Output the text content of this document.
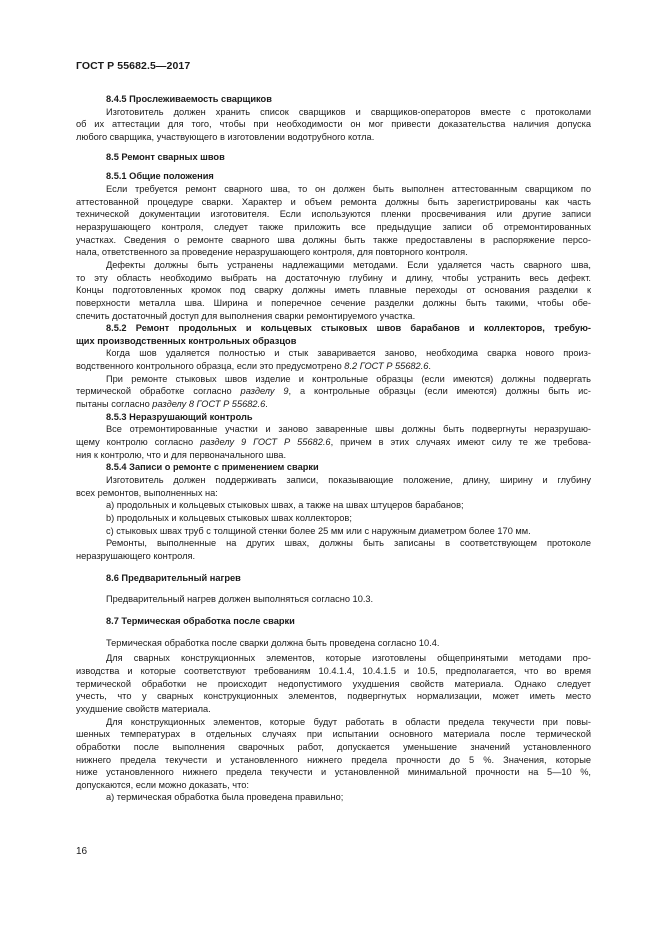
ГОСТ Р 55682.5—2017
8.4.5 Прослеживаемость сварщиков
Изготовитель должен хранить список сварщиков и сварщиков-операторов вместе с протоколами
об их аттестации для того, чтобы при необходимости он мог привести доказательства наличия допуска
любого сварщика, участвующего в изготовлении водотрубного котла.
8.5 Ремонт сварных швов
8.5.1 Общие положения
Если требуется ремонт сварного шва, то он должен быть выполнен аттестованным сварщиком по
аттестованной процедуре сварки. Характер и объем ремонта должны быть зарегистрированы как часть
технической документации изготовителя. Если используются пленки просвечивания или другие записи
неразрушающего контроля, следует также приложить все предыдущие записи об отремонтированных
участках. Сведения о ремонте сварного шва должны быть также предоставлены в распоряжение персо-
нала, ответственного за проведение неразрушающего контроля, для повторного контроля.
Дефекты должны быть устранены надлежащими методами. Если удаляется часть сварного шва,
то эту область необходимо выбрать на достаточную глубину и длину, чтобы устранить весь дефект.
Концы подготовленных кромок под сварку должны иметь плавные переходы от основания разделки к
поверхности металла шва. Ширина и поперечное сечение разделки должны быть такими, чтобы обе-
спечить достаточный доступ для выполнения сварки ремонтируемого участка.
8.5.2 Ремонт продольных и кольцевых стыковых швов барабанов и коллекторов, требую-
щих производственных контрольных образцов
Когда шов удаляется полностью и стык заваривается заново, необходима сварка нового произ-
водственного контрольного образца, если это предусмотрено 8.2 ГОСТ Р 55682.6.
При ремонте стыковых швов изделие и контрольные образцы (если имеются) должны подвергать
термической обработке согласно разделу 9, а контрольные образцы (если имеются) должны быть ис-
пытаны согласно разделу 8 ГОСТ Р 55682.6.
8.5.3 Неразрушающий контроль
Все отремонтированные участки и заново заваренные швы должны быть подвергнуты неразрушаю-
щему контролю согласно разделу 9 ГОСТ Р 55682.6, причем в этих случаях имеют силу те же требова-
ния к контролю, что и для первоначального шва.
8.5.4 Записи о ремонте с применением сварки
Изготовитель должен поддерживать записи, показывающие положение, длину, ширину и глубину
всех ремонтов, выполненных на:
a) продольных и кольцевых стыковых швах, а также на швах штуцеров барабанов;
b) продольных и кольцевых стыковых швах коллекторов;
c) стыковых швах труб с толщиной стенки более 25 мм или с наружным диаметром более 170 мм.
Ремонты, выполненные на других швах, должны быть записаны в соответствующем протоколе
неразрушающего контроля.
8.6 Предварительный нагрев
Предварительный нагрев должен выполняться согласно 10.3.
8.7 Термическая обработка после сварки
Термическая обработка после сварки должна быть проведена согласно 10.4.
Для сварных конструкционных элементов, которые изготовлены общепринятыми методами про-
изводства и которые соответствуют требованиям 10.4.1.4, 10.4.1.5 и 10.5, предполагается, что во время
термической обработки не происходит недопустимого ухудшения свойств материала. Однако следует
учесть, что у сварных конструкционных элементов, подвергнутых нормализации, может иметь место
ухудшение свойств материала.
Для конструкционных элементов, которые будут работать в области предела текучести при повы-
шенных температурах в отдельных случаях при испытании основного материала после термической
обработки после выполнения сварочных работ, допускается уменьшение значений установленного
нижнего предела текучести и установленного нижнего предела прочности до 5 %. Значения, которые
ниже установленного нижнего предела текучести и установленной минимальной прочности на 5—10 %,
допускаются, если можно доказать, что:
a) термическая обработка была проведена правильно;
16
